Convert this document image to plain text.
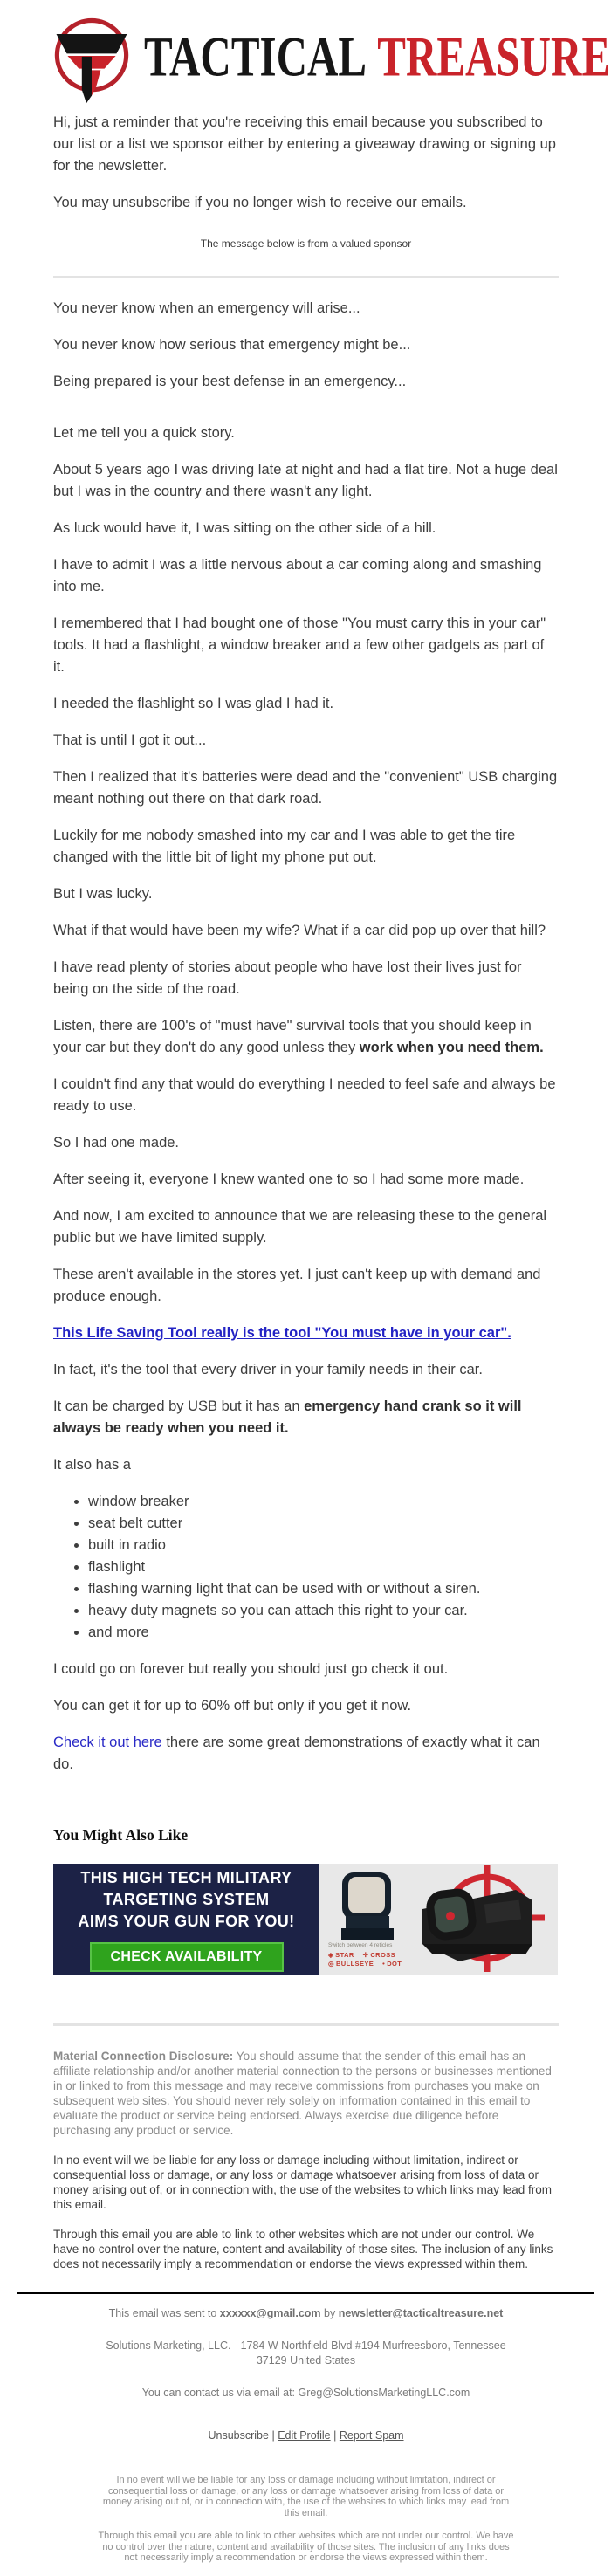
TACTICAL TREASURE

Hi, just a reminder that you're receiving this email because you subscribed to our list or a list we sponsor either by entering a giveaway drawing or signing up for the newsletter.

You may unsubscribe if you no longer wish to receive our emails.

The message below is from a valued sponsor

You never know when an emergency will arise...

You never know how serious that emergency might be...

Being prepared is your best defense in an emergency...

Let me tell you a quick story.

About 5 years ago I was driving late at night and had a flat tire. Not a huge deal but I was in the country and there wasn't any light.

As luck would have it, I was sitting on the other side of a hill.

I have to admit I was a little nervous about a car coming along and smashing into me.

I remembered that I had bought one of those "You must carry this in your car" tools. It had a flashlight, a window breaker and a few other gadgets as part of it.

I needed the flashlight so I was glad I had it.

That is until I got it out...

Then I realized that it's batteries were dead and the "convenient" USB charging meant nothing out there on that dark road.

Luckily for me nobody smashed into my car and I was able to get the tire changed with the little bit of light my phone put out.

But I was lucky.

What if that would have been my wife? What if a car did pop up over that hill?

I have read plenty of stories about people who have lost their lives just for being on the side of the road.

Listen, there are 100's of "must have" survival tools that you should keep in your car but they don't do any good unless they work when you need them.

I couldn't find any that would do everything I needed to feel safe and always be ready to use.

So I had one made.

After seeing it, everyone I knew wanted one to so I had some more made.

And now, I am excited to announce that we are releasing these to the general public but we have limited supply.

These aren't available in the stores yet. I just can't keep up with demand and produce enough.

This Life Saving Tool really is the tool "You must have in your car".

In fact, it's the tool that every driver in your family needs in their car.

It can be charged by USB but it has an emergency hand crank so it will always be ready when you need it.

It also has a

• window breaker
• seat belt cutter
• built in radio
• flashlight
• flashing warning light that can be used with or without a siren.
• heavy duty magnets so you can attach this right to your car.
• and more

I could go on forever but really you should just go check it out.

You can get it for up to 60% off but only if you get it now.

Check it out here there are some great demonstrations of exactly what it can do.

You Might Also Like
THIS HIGH TECH MILITARY
TARGETING SYSTEM
AIMS YOUR GUN FOR YOU!
CHECK AVAILABILITY
Switch between 4 reticles
◈ STAR ✛ CROSS
◎ BULLSEYE • DOT

Material Connection Disclosure: You should assume that the sender of this email has an affiliate relationship and/or another material connection to the persons or businesses mentioned in or linked to from this message and may receive commissions from purchases you make on subsequent web sites. You should never rely solely on information contained in this email to evaluate the product or service being endorsed. Always exercise due diligence before purchasing any product or service.

In no event will we be liable for any loss or damage including without limitation, indirect or consequential loss or damage, or any loss or damage whatsoever arising from loss of data or money arising out of, or in connection with, the use of the websites to which links may lead from this email.

Through this email you are able to link to other websites which are not under our control. We have no control over the nature, content and availability of those sites. The inclusion of any links does not necessarily imply a recommendation or endorse the views expressed within them.

This email was sent to xxxxxx@gmail.com by newsletter@tacticaltreasure.net

Solutions Marketing, LLC. - 1784 W Northfield Blvd #194 Murfreesboro, Tennessee 37129 United States

You can contact us via email at: Greg@SolutionsMarketingLLC.com

Unsubscribe | Edit Profile | Report Spam

In no event will we be liable for any loss or damage including without limitation, indirect or consequential loss or damage, or any loss or damage whatsoever arising from loss of data or money arising out of, or in connection with, the use of the websites to which links may lead from this email.

Through this email you are able to link to other websites which are not under our control. We have no control over the nature, content and availability of those sites. The inclusion of any links does not necessarily imply a recommendation or endorse the views expressed within them.
